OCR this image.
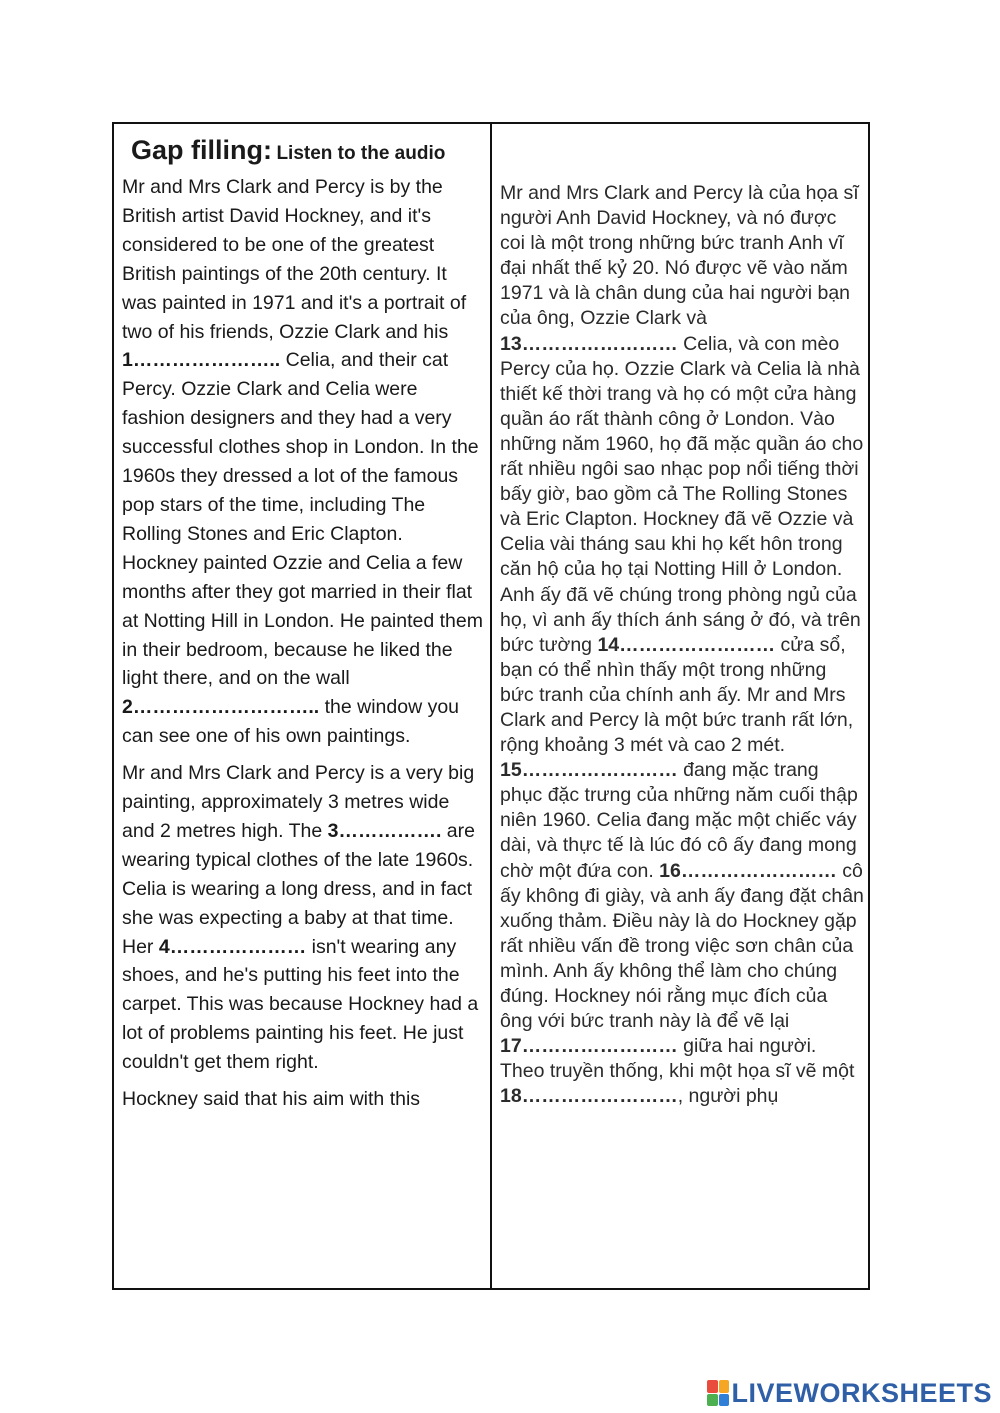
Gap filling: Listen to the audio

Mr and Mrs Clark and Percy is by the British artist David Hockney, and it's considered to be one of the greatest British paintings of the 20th century. It was painted in 1971 and it's a portrait of two of his friends, Ozzie Clark and his 1………………….. Celia, and their cat Percy. Ozzie Clark and Celia were fashion designers and they had a very successful clothes shop in London. In the 1960s they dressed a lot of the famous pop stars of the time, including The Rolling Stones and Eric Clapton. Hockney painted Ozzie and Celia a few months after they got married in their flat at Notting Hill in London. He painted them in their bedroom, because he liked the light there, and on the wall 2……………………….. the window you can see one of his own paintings.

Mr and Mrs Clark and Percy is a very big painting, approximately 3 metres wide and 2 metres high. The 3……………. are wearing typical clothes of the late 1960s. Celia is wearing a long dress, and in fact she was expecting a baby at that time. Her 4………………… isn't wearing any shoes, and he's putting his feet into the carpet. This was because Hockney had a lot of problems painting his feet. He just couldn't get them right.

Hockney said that his aim with this

Mr and Mrs Clark and Percy là của họa sĩ người Anh David Hockney, và nó được coi là một trong những bức tranh Anh vĩ đại nhất thế kỷ 20. Nó được vẽ vào năm 1971 và là chân dung của hai người bạn của ông, Ozzie Clark và 13…………………… Celia, và con mèo Percy của họ. Ozzie Clark và Celia là nhà thiết kế thời trang và họ có một cửa hàng quần áo rất thành công ở London. Vào những năm 1960, họ đã mặc quần áo cho rất nhiều ngôi sao nhạc pop nổi tiếng thời bấy giờ, bao gồm cả The Rolling Stones và Eric Clapton. Hockney đã vẽ Ozzie và Celia vài tháng sau khi họ kết hôn trong căn hộ của họ tại Notting Hill ở London. Anh ấy đã vẽ chúng trong phòng ngủ của họ, vì anh ấy thích ánh sáng ở đó, và trên bức tường 14…………………… cửa sổ, bạn có thể nhìn thấy một trong những bức tranh của chính anh ấy. Mr and Mrs Clark and Percy là một bức tranh rất lớn, rộng khoảng 3 mét và cao 2 mét. 15…………………… đang mặc trang phục đặc trưng của những năm cuối thập niên 1960. Celia đang mặc một chiếc váy dài, và thực tế là lúc đó cô ấy đang mong chờ một đứa con. 16…………………… cô ấy không đi giày, và anh ấy đang đặt chân xuống thảm. Điều này là do Hockney gặp rất nhiều vấn đề trong việc sơn chân của mình. Anh ấy không thể làm cho chúng đúng. Hockney nói rằng mục đích của ông với bức tranh này là để vẽ lại 17…………………… giữa hai người. Theo truyền thống, khi một họa sĩ vẽ một 18……………………, người phụ

LIVEWORKSHEETS
